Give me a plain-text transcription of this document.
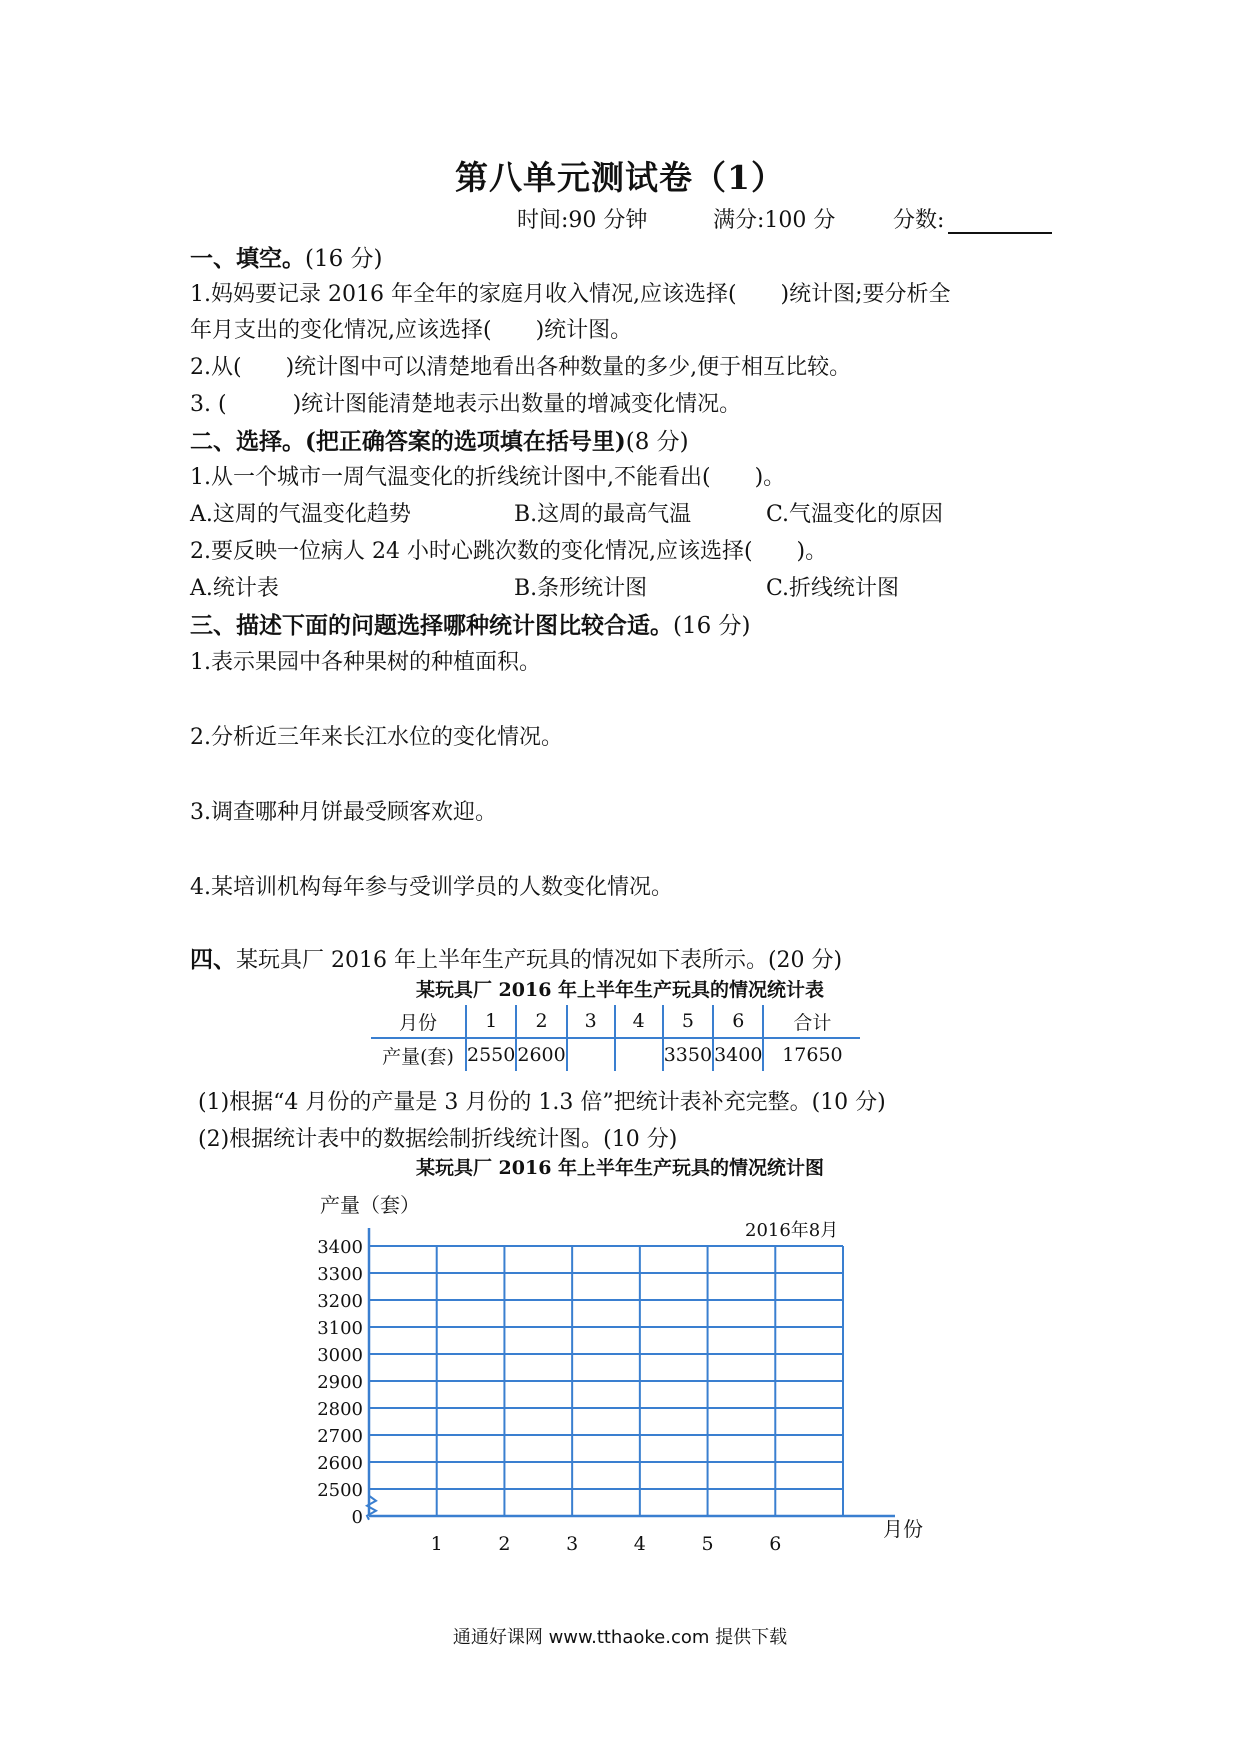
第八单元测试卷（1）
时间:90 分钟	满分:100 分	分数:
一、填空。(16 分)
1.妈妈要记录 2016 年全年的家庭月收入情况,应该选择(　　)统计图;要分析全
年月支出的变化情况,应该选择(　　)统计图。
2.从(　　)统计图中可以清楚地看出各种数量的多少,便于相互比较。
3. (　　　)统计图能清楚地表示出数量的增减变化情况。
二、选择。(把正确答案的选项填在括号里)(8 分)
1.从一个城市一周气温变化的折线统计图中,不能看出(　　)。
A.这周的气温变化趋势	B.这周的最高气温	C.气温变化的原因
2.要反映一位病人 24 小时心跳次数的变化情况,应该选择(　　)。
A.统计表	B.条形统计图	C.折线统计图
三、描述下面的问题选择哪种统计图比较合适。(16 分)
1.表示果园中各种果树的种植面积。
2.分析近三年来长江水位的变化情况。
3.调查哪种月饼最受顾客欢迎。
4.某培训机构每年参与受训学员的人数变化情况。
四、某玩具厂 2016 年上半年生产玩具的情况如下表所示。(20 分)
某玩具厂 2016 年上半年生产玩具的情况统计表
月份	1	2	3	4	5	6	合计
产量(套)	2550	2600			3350	3400	17650
(1)根据“4 月份的产量是 3 月份的 1.3 倍”把统计表补充完整。(10 分)
(2)根据统计表中的数据绘制折线统计图。(10 分)
某玩具厂 2016 年上半年生产玩具的情况统计图
3400
3300
3200
3100
3000
2900
2800
2700
2600
2500
0
1	2	3	4	5	6
产量（套）
月份
2016年8月
通通好课网 www.tthaoke.com 提供下载
